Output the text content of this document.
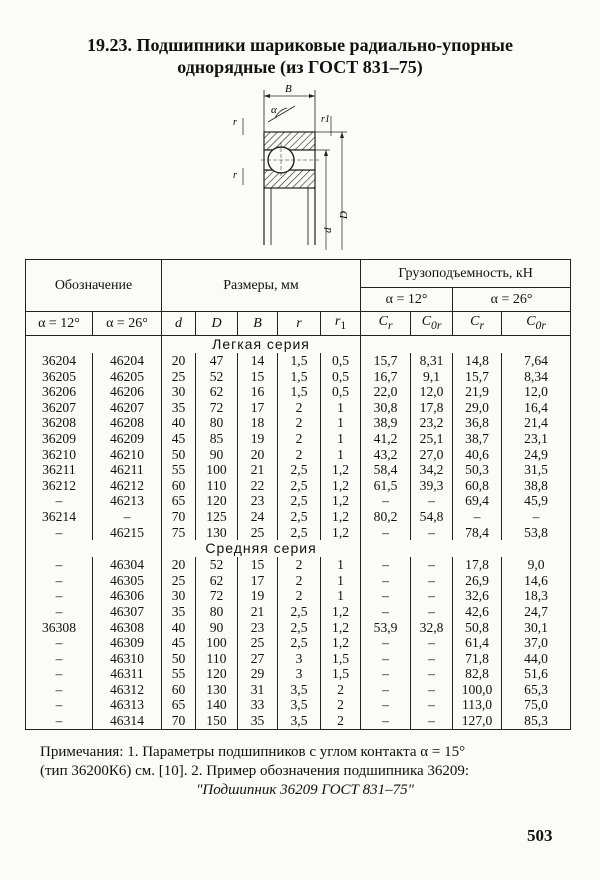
19.23. Подшипники шариковые радиально-упорные
однорядные (из ГОСТ 831–75)
B
α
r
r
r1
D
d
Обозначение		Размеры, мм					Грузоподъемность, кН			
							α = 12°		α = 26°	
α = 12°	α = 26°	d	D	B	r	$r_1$	$C_r$	$C_{0r}$	$C_r$	$C_{0r}$
		Легкая серия								
36204	46204	20	47	14	1,5	0,5	15,7	8,31	14,8	7,64
36205	46205	25	52	15	1,5	0,5	16,7	9,1	15,7	8,34
36206	46206	30	62	16	1,5	0,5	22,0	12,0	21,9	12,0
36207	46207	35	72	17	2	1	30,8	17,8	29,0	16,4
36208	46208	40	80	18	2	1	38,9	23,2	36,8	21,4
36209	46209	45	85	19	2	1	41,2	25,1	38,7	23,1
36210	46210	50	90	20	2	1	43,2	27,0	40,6	24,9
36211	46211	55	100	21	2,5	1,2	58,4	34,2	50,3	31,5
36212	46212	60	110	22	2,5	1,2	61,5	39,3	60,8	38,8
–	46213	65	120	23	2,5	1,2	–	–	69,4	45,9
36214	–	70	125	24	2,5	1,2	80,2	54,8	–	–
–	46215	75	130	25	2,5	1,2	–	–	78,4	53,8
		Средняя серия								
–	46304	20	52	15	2	1	–	–	17,8	9,0
–	46305	25	62	17	2	1	–	–	26,9	14,6
–	46306	30	72	19	2	1	–	–	32,6	18,3
–	46307	35	80	21	2,5	1,2	–	–	42,6	24,7
36308	46308	40	90	23	2,5	1,2	53,9	32,8	50,8	30,1
–	46309	45	100	25	2,5	1,2	–	–	61,4	37,0
–	46310	50	110	27	3	1,5	–	–	71,8	44,0
–	46311	55	120	29	3	1,5	–	–	82,8	51,6
–	46312	60	130	31	3,5	2	–	–	100,0	65,3
–	46313	65	140	33	3,5	2	–	–	113,0	75,0
–	46314	70	150	35	3,5	2	–	–	127,0	85,3
Примечания: 1. Параметры подшипников с углом контакта α = 15°
(тип 36200К6) см. [10]. 2. Пример обозначения подшипника 36209:
"Подшипник 36209 ГОСТ 831–75"
503
